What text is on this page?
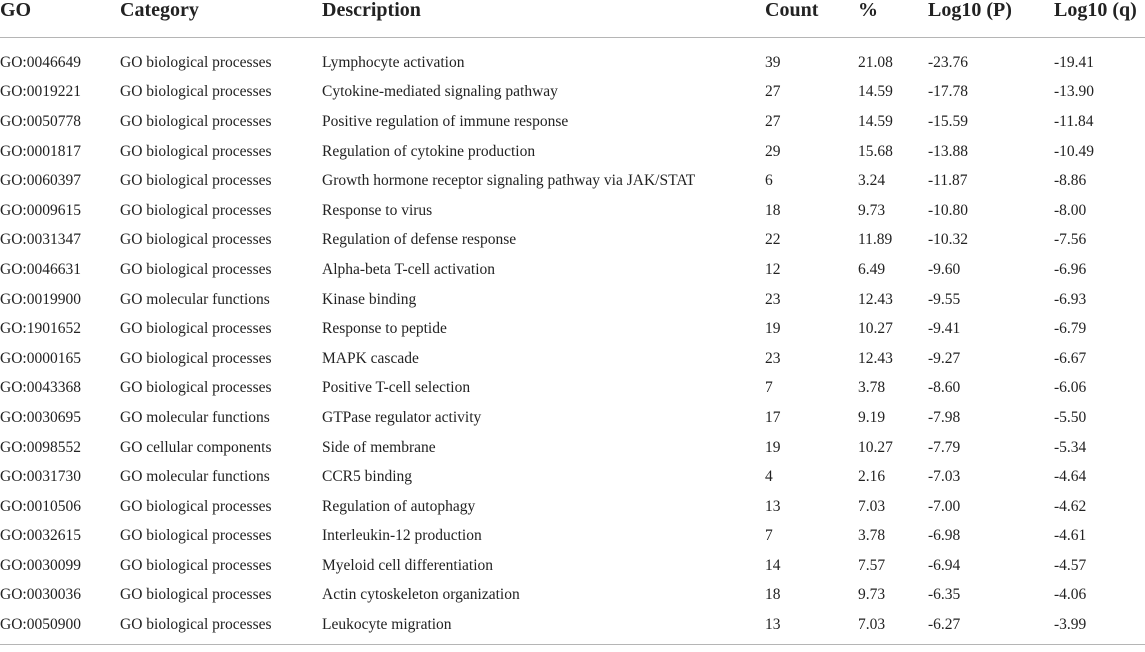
GO	Category	Description	Count	%	Log10 (P)	Log10 (q)
GO:0046649	GO biological processes	Lymphocyte activation	39	21.08	-23.76	-19.41
GO:0019221	GO biological processes	Cytokine-mediated signaling pathway	27	14.59	-17.78	-13.90
GO:0050778	GO biological processes	Positive regulation of immune response	27	14.59	-15.59	-11.84
GO:0001817	GO biological processes	Regulation of cytokine production	29	15.68	-13.88	-10.49
GO:0060397	GO biological processes	Growth hormone receptor signaling pathway via JAK/STAT	6	3.24	-11.87	-8.86
GO:0009615	GO biological processes	Response to virus	18	9.73	-10.80	-8.00
GO:0031347	GO biological processes	Regulation of defense response	22	11.89	-10.32	-7.56
GO:0046631	GO biological processes	Alpha-beta T-cell activation	12	6.49	-9.60	-6.96
GO:0019900	GO molecular functions	Kinase binding	23	12.43	-9.55	-6.93
GO:1901652	GO biological processes	Response to peptide	19	10.27	-9.41	-6.79
GO:0000165	GO biological processes	MAPK cascade	23	12.43	-9.27	-6.67
GO:0043368	GO biological processes	Positive T-cell selection	7	3.78	-8.60	-6.06
GO:0030695	GO molecular functions	GTPase regulator activity	17	9.19	-7.98	-5.50
GO:0098552	GO cellular components	Side of membrane	19	10.27	-7.79	-5.34
GO:0031730	GO molecular functions	CCR5 binding	4	2.16	-7.03	-4.64
GO:0010506	GO biological processes	Regulation of autophagy	13	7.03	-7.00	-4.62
GO:0032615	GO biological processes	Interleukin-12 production	7	3.78	-6.98	-4.61
GO:0030099	GO biological processes	Myeloid cell differentiation	14	7.57	-6.94	-4.57
GO:0030036	GO biological processes	Actin cytoskeleton organization	18	9.73	-6.35	-4.06
GO:0050900	GO biological processes	Leukocyte migration	13	7.03	-6.27	-3.99
